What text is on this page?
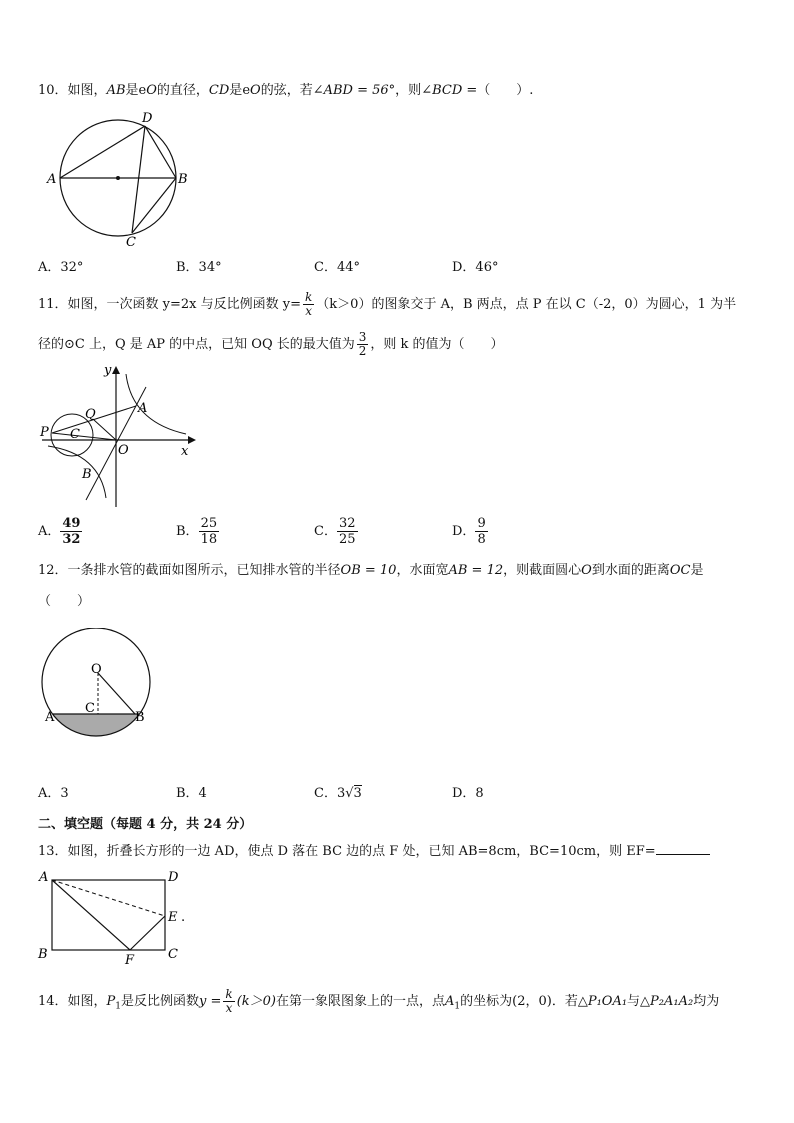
10．如图，AB是eO的直径，CD是eO的弦，若∠ABD = 56°，则∠BCD =（　　）.
A	B
C
D
A．32°	B．34°	C．44°	D．46°
11．如图，一次函数 y=2x 与反比例函数 $y= \frac{k}{x} (k>0)$的图象交于 A，B 两点，点 P 在以 C（-2，0）为圆心，1 为半
径的⊙C 上，Q 是 AP 的中点，已知 OQ 长的最大值为 $\frac{3}{2}$ ，则 k 的值为（　　）
y
x
O
A
B
C
P
Q
A． $\frac{49}{32}$	B． $\frac{25}{18}$	C． $\frac{32}{25}$	D． $\frac{9}{8}$
12．一条排水管的截面如图所示，已知排水管的半径OB = 10，水面宽AB = 12，则截面圆心O到水面的距离OC是
（　　）
O
A	B
C
A．3	B．4	C．3√3	D．8
二、填空题（每题 4 分，共 24 分）
13．如图，折叠长方形的一边 AD，使点 D 落在 BC 边的点 F 处，已知 AB=8cm，BC=10cm，则 EF=
A	D
E .
B	F	C
14．如图，$P_1$是反比例函数$y = \frac{k}{x} (k>0)$在第一象限图象上的一点，点$A_1$的坐标为(2，0)．若△P₁OA₁与△P₂A₁A₂均为
